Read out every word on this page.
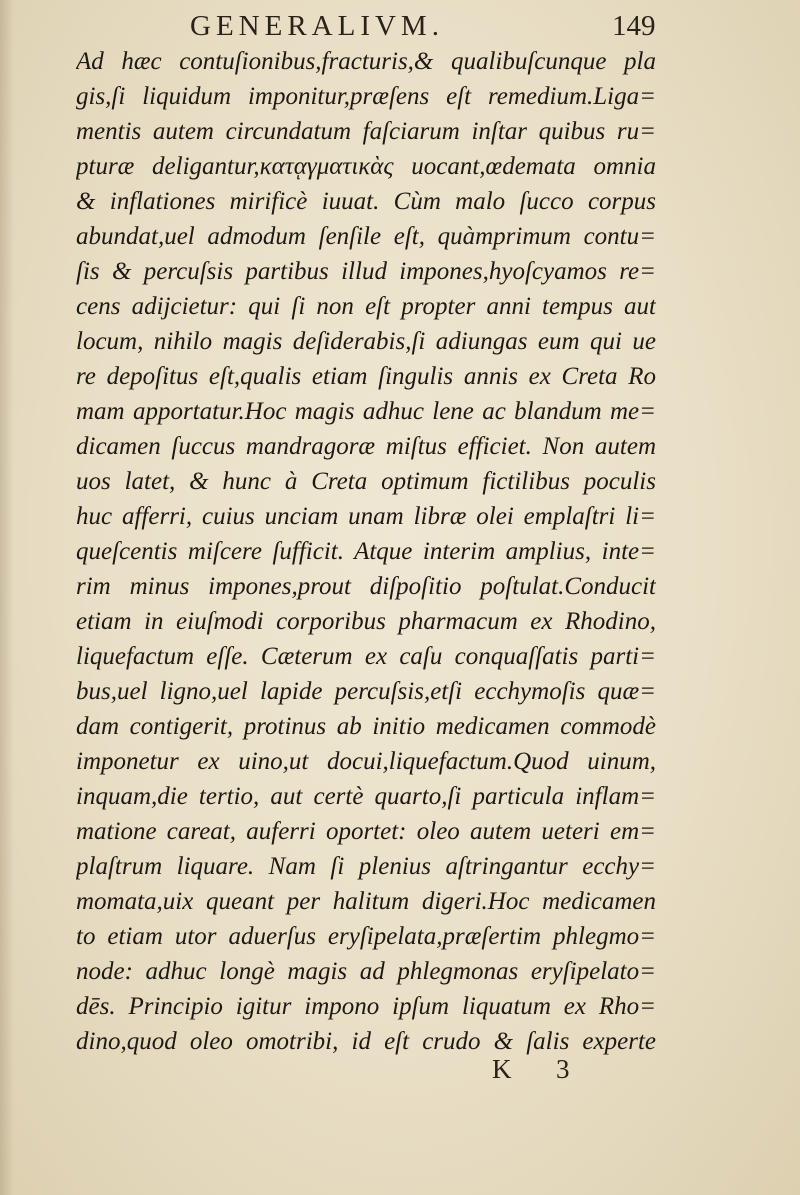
GENERALIVM.	149
Ad hæc contuſionibus,fracturis,& qualibuſcunque pla
gis,ſi liquidum imponitur,præſens eſt remedium.Liga=
mentis autem circundatum faſciarum inſtar quibus ru=
pturæ deligantur,κατᾳγματικὰς uocant,œdemata omnia
& inflationes mirificè iuuat. Cùm malo ſucco corpus
abundat,uel admodum ſenſile eſt, quàmprimum contu=
ſis & percuſsis partibus illud impones,hyoſcyamos re=
cens adijcietur: qui ſi non eſt propter anni tempus aut
locum, nihilo magis deſiderabis,ſi adiungas eum qui ue
re depoſitus eſt,qualis etiam ſingulis annis ex Creta Ro
mam apportatur.Hoc magis adhuc lene ac blandum me=
dicamen ſuccus mandragoræ miſtus efficiet. Non autem
uos latet, & hunc à Creta optimum fictilibus poculis
huc afferri, cuius unciam unam libræ olei emplaſtri li=
queſcentis miſcere ſufficit. Atque interim amplius, inte=
rim minus impones,prout diſpoſitio poſtulat.Conducit
etiam in eiuſmodi corporibus pharmacum ex Rhodino,
liquefactum eſſe. Cæterum ex caſu conquaſſatis parti=
bus,uel ligno,uel lapide percuſsis,etſi ecchymoſis quæ=
dam contigerit, protinus ab initio medicamen commodè
imponetur ex uino,ut docui,liquefactum.Quod uinum,
inquam,die tertio, aut certè quarto,ſi particula inflam=
matione careat, auferri oportet: oleo autem ueteri em=
plaſtrum liquare. Nam ſi plenius aſtringantur ecchy=
momata,uix queant per halitum digeri.Hoc medicamen
to etiam utor aduerſus eryſipelata,præſertim phlegmo=
node: adhuc longè magis ad phlegmonas eryſipelato=
dēs. Principio igitur impono ipſum liquatum ex Rho=
dino,quod oleo omotribi, id eſt crudo & ſalis experte
K 3
